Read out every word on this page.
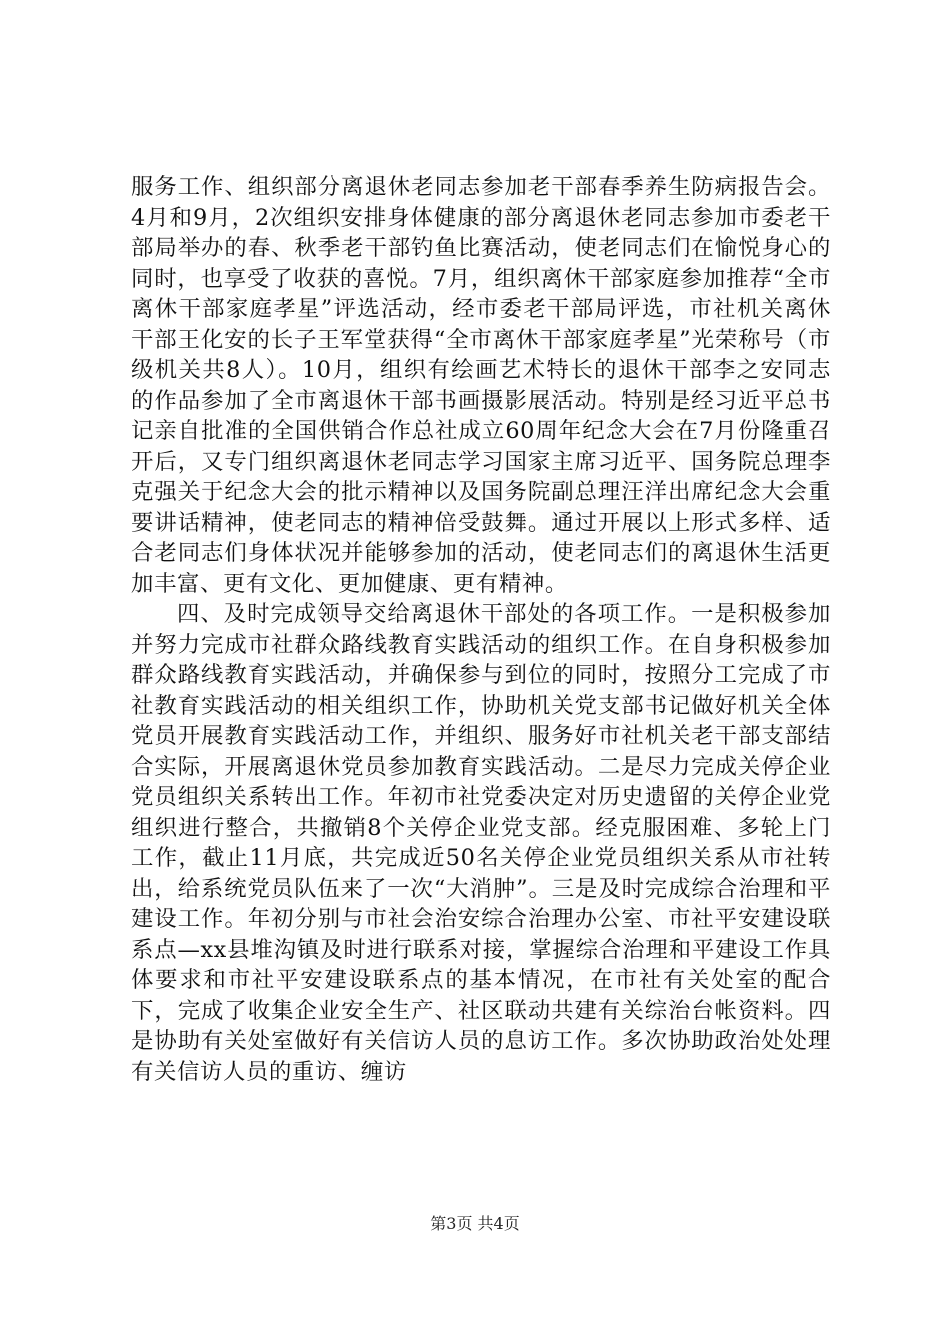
服务工作、组织部分离退休老同志参加老干部春季养生防病报告会。4月和9月，2次组织安排身体健康的部分离退休老同志参加市委老干部局举办的春、秋季老干部钓鱼比赛活动，使老同志们在愉悦身心的同时，也享受了收获的喜悦。7月，组织离休干部家庭参加推荐“全市离休干部家庭孝星”评选活动，经市委老干部局评选，市社机关离休干部王化安的长子王军堂获得“全市离休干部家庭孝星”光荣称号（市级机关共8人）。10月，组织有绘画艺术特长的退休干部李之安同志的作品参加了全市离退休干部书画摄影展活动。特别是经习近平总书记亲自批准的全国供销合作总社成立60周年纪念大会在7月份隆重召开后，又专门组织离退休老同志学习国家主席习近平、国务院总理李克强关于纪念大会的批示精神以及国务院副总理汪洋出席纪念大会重要讲话精神，使老同志的精神倍受鼓舞。通过开展以上形式多样、适合老同志们身体状况并能够参加的活动，使老同志们的离退休生活更加丰富、更有文化、更加健康、更有精神。

四、及时完成领导交给离退休干部处的各项工作。一是积极参加并努力完成市社群众路线教育实践活动的组织工作。在自身积极参加群众路线教育实践活动，并确保参与到位的同时，按照分工完成了市社教育实践活动的相关组织工作，协助机关党支部书记做好机关全体党员开展教育实践活动工作，并组织、服务好市社机关老干部支部结合实际，开展离退休党员参加教育实践活动。二是尽力完成关停企业党员组织关系转出工作。年初市社党委决定对历史遗留的关停企业党组织进行整合，共撤销8个关停企业党支部。经克服困难、多轮上门工作，截止11月底，共完成近50名关停企业党员组织关系从市社转出，给系统党员队伍来了一次“大消肿”。三是及时完成综合治理和平建设工作。年初分别与市社会治安综合治理办公室、市社平安建设联系点—xx县堆沟镇及时进行联系对接，掌握综合治理和平建设工作具体要求和市社平安建设联系点的基本情况，在市社有关处室的配合下，完成了收集企业安全生产、社区联动共建有关综治台帐资料。四是协助有关处室做好有关信访人员的息访工作。多次协助政治处处理有关信访人员的重访、缠访

第3页 共4页
